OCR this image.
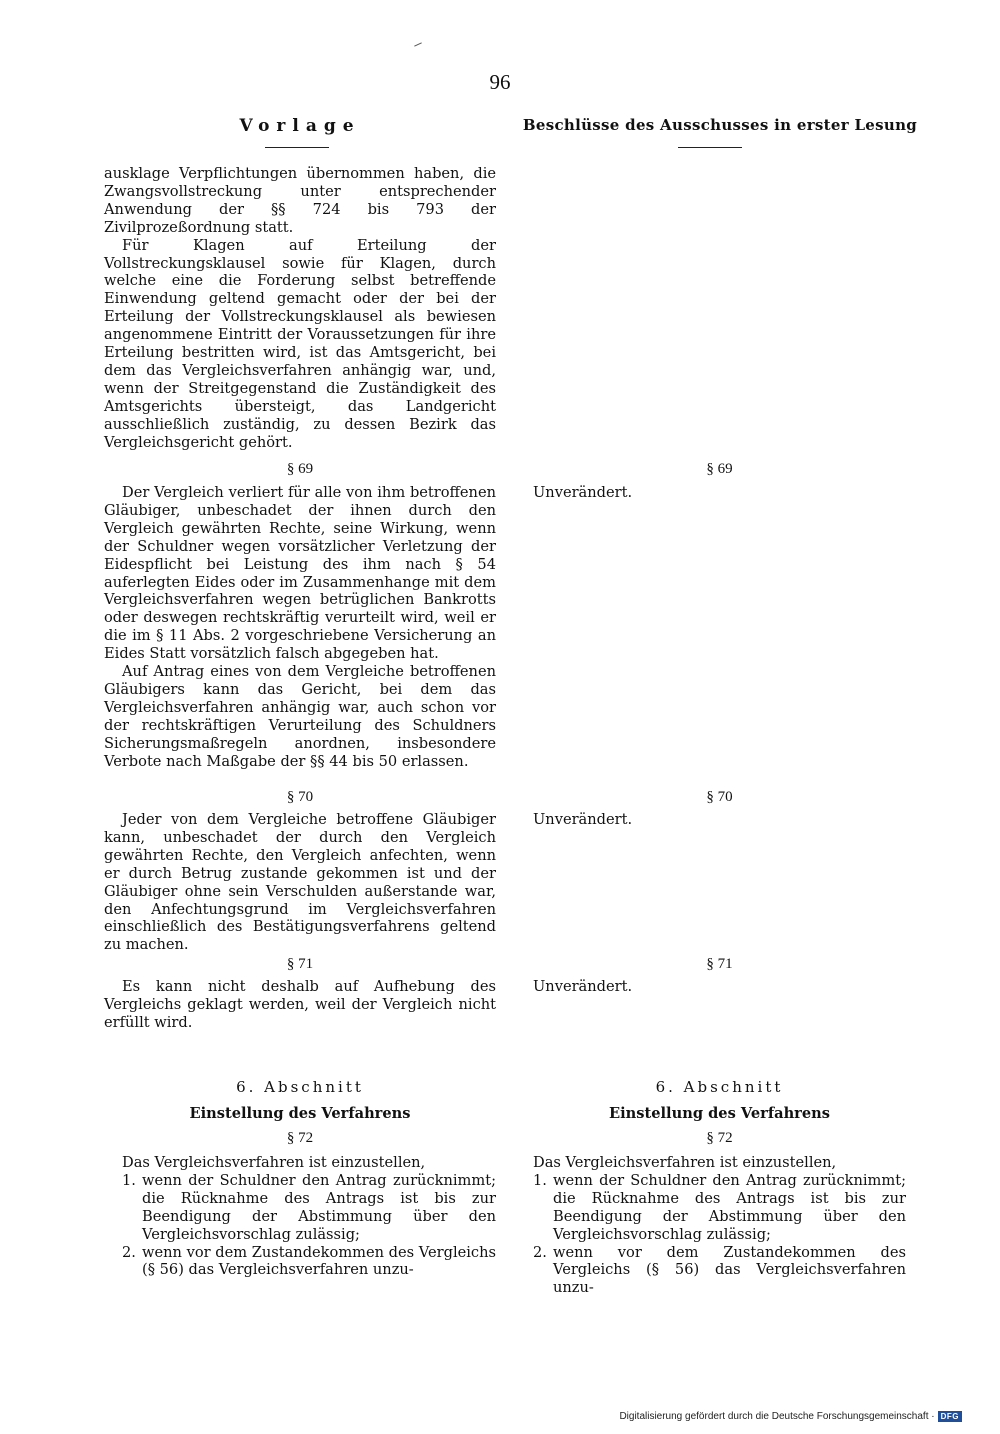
96
Vorlage	Beschlüsse des Ausschusses in erster Lesung

ausklage Verpflichtungen übernommen haben, die Zwangsvollstreckung unter entsprechender Anwendung der §§ 724 bis 793 der Zivilprozeßordnung statt.

Für Klagen auf Erteilung der Vollstreckungsklausel sowie für Klagen, durch welche eine die Forderung selbst betreffende Einwendung geltend gemacht oder der bei der Erteilung der Vollstreckungsklausel als bewiesen angenommene Eintritt der Voraussetzungen für ihre Erteilung bestritten wird, ist das Amtsgericht, bei dem das Vergleichsverfahren anhängig war, und, wenn der Streitgegenstand die Zuständigkeit des Amtsgerichts übersteigt, das Landgericht ausschließlich zuständig, zu dessen Bezirk das Vergleichsgericht gehört.

§ 69

Der Vergleich verliert für alle von ihm betroffenen Gläubiger, unbeschadet der ihnen durch den Vergleich gewährten Rechte, seine Wirkung, wenn der Schuldner wegen vorsätzlicher Verletzung der Eidespflicht bei Leistung des ihm nach § 54 auferlegten Eides oder im Zusammenhange mit dem Vergleichsverfahren wegen betrüglichen Bankrotts oder deswegen rechtskräftig verurteilt wird, weil er die im § 11 Abs. 2 vorgeschriebene Versicherung an Eides Statt vorsätzlich falsch abgegeben hat.

Auf Antrag eines von dem Vergleiche betroffenen Gläubigers kann das Gericht, bei dem das Vergleichsverfahren anhängig war, auch schon vor der rechtskräftigen Verurteilung des Schuldners Sicherungsmaßregeln anordnen, insbesondere Verbote nach Maßgabe der §§ 44 bis 50 erlassen.

§ 70

Jeder von dem Vergleiche betroffene Gläubiger kann, unbeschadet der durch den Vergleich gewährten Rechte, den Vergleich anfechten, wenn er durch Betrug zustande gekommen ist und der Gläubiger ohne sein Verschulden außerstande war, den Anfechtungsgrund im Vergleichsverfahren einschließlich des Bestätigungsverfahrens geltend zu machen.

§ 71

Es kann nicht deshalb auf Aufhebung des Vergleichs geklagt werden, weil der Vergleich nicht erfüllt wird.

6. Abschnitt
Einstellung des Verfahrens
§ 72

Das Vergleichsverfahren ist einzustellen,

1. wenn der Schuldner den Antrag zurücknimmt; die Rücknahme des Antrags ist bis zur Beendigung der Abstimmung über den Vergleichsvorschlag zulässig;
2. wenn vor dem Zustandekommen des Vergleichs (§ 56) das Vergleichsverfahren unzu-
§ 69
Unverändert.
§ 70
Unverändert.
§ 71
Unverändert.
6. Abschnitt
Einstellung des Verfahrens
§ 72

Das Vergleichsverfahren ist einzustellen,

1. wenn der Schuldner den Antrag zurücknimmt; die Rücknahme des Antrags ist bis zur Beendigung der Abstimmung über den Vergleichsvorschlag zulässig;
2. wenn vor dem Zustandekommen des Vergleichs (§ 56) das Vergleichsverfahren unzu-
Digitalisierung gefördert durch die Deutsche Forschungsgemeinschaft · DFG
